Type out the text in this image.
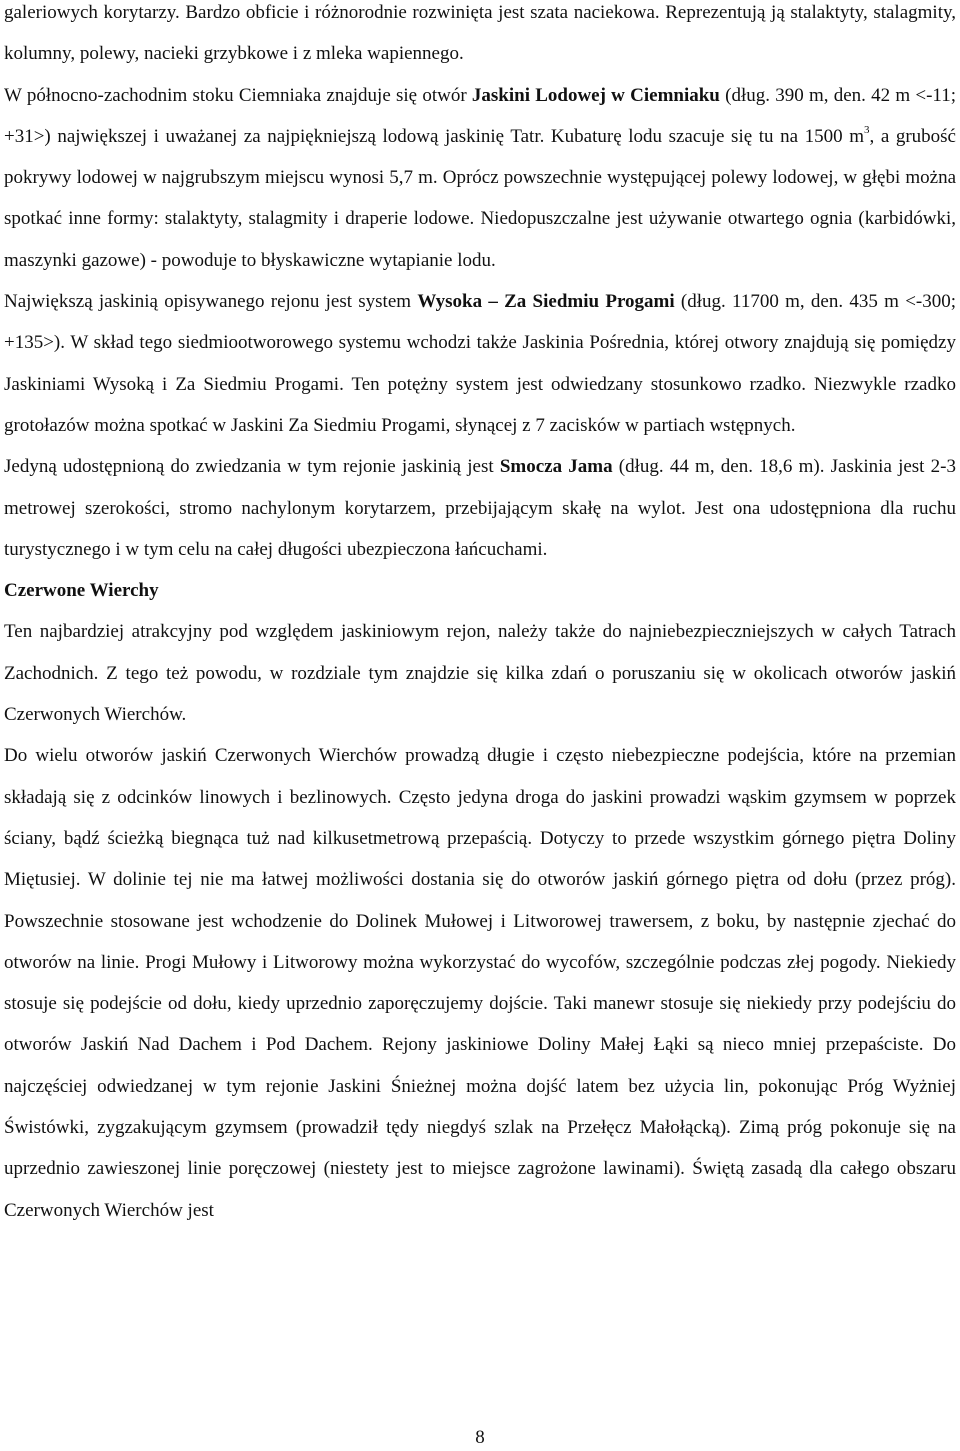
galeriowych korytarzy. Bardzo obficie i różnorodnie rozwinięta jest szata naciekowa. Reprezentują ją stalaktyty, stalagmity, kolumny, polewy, nacieki grzybkowe i z mleka wapiennego.
W północno-zachodnim stoku Ciemniaka znajduje się otwór Jaskini Lodowej w Ciemniaku (dług. 390 m, den. 42 m <-11; +31>) największej i uważanej za najpiękniejszą lodową jaskinię Tatr. Kubaturę lodu szacuje się tu na 1500 $m^3$, a grubość pokrywy lodowej w najgrubszym miejscu wynosi 5,7 m. Oprócz powszechnie występującej polewy lodowej, w głębi można spotkać inne formy: stalaktyty, stalagmity i draperie lodowe. Niedopuszczalne jest używanie otwartego ognia (karbidówki, maszynki gazowe) - powoduje to błyskawiczne wytapianie lodu.

Największą jaskinią opisywanego rejonu jest system Wysoka – Za Siedmiu Progami (dług. 11700 m, den. 435 m <-300; +135>). W skład tego siedmiootworowego systemu wchodzi także Jaskinia Pośrednia, której otwory znajdują się pomiędzy Jaskiniami Wysoką i Za Siedmiu Progami. Ten potężny system jest odwiedzany stosunkowo rzadko. Niezwykle rzadko grotołazów można spotkać w Jaskini Za Siedmiu Progami, słynącej z 7 zacisków w partiach wstępnych.

Jedyną udostępnioną do zwiedzania w tym rejonie jaskinią jest Smocza Jama (dług. 44 m, den. 18,6 m). Jaskinia jest 2-3 metrowej szerokości, stromo nachylonym korytarzem, przebijającym skałę na wylot. Jest ona udostępniona dla ruchu turystycznego i w tym celu na całej długości ubezpieczona łańcuchami.

Czerwone Wierchy

Ten najbardziej atrakcyjny pod względem jaskiniowym rejon, należy także do najniebezpieczniejszych w całych Tatrach Zachodnich. Z tego też powodu, w rozdziale tym znajdzie się kilka zdań o poruszaniu się w okolicach otworów jaskiń Czerwonych Wierchów.

Do wielu otworów jaskiń Czerwonych Wierchów prowadzą długie i często niebezpieczne podejścia, które na przemian składają się z odcinków linowych i bezlinowych. Często jedyna droga do jaskini prowadzi wąskim gzymsem w poprzek ściany, bądź ścieżką biegnąca tuż nad kilkusetmetrową przepaścią. Dotyczy to przede wszystkim górnego piętra Doliny Miętusiej. W dolinie tej nie ma łatwej możliwości dostania się do otworów jaskiń górnego piętra od dołu (przez próg). Powszechnie stosowane jest wchodzenie do Dolinek Mułowej i Litworowej trawersem, z boku, by następnie zjechać do otworów na linie. Progi Mułowy i Litworowy można wykorzystać do wycofów, szczególnie podczas złej pogody. Niekiedy stosuje się podejście od dołu, kiedy uprzednio zaporęczujemy dojście. Taki manewr stosuje się niekiedy przy podejściu do otworów Jaskiń Nad Dachem i Pod Dachem. Rejony jaskiniowe Doliny Małej Łąki są nieco mniej przepaściste. Do najczęściej odwiedzanej w tym rejonie Jaskini Śnieżnej można dojść latem bez użycia lin, pokonując Próg Wyżniej Świstówki, zygzakującym gzymsem (prowadził tędy niegdyś szlak na Przełęcz Małołącką). Zimą próg pokonuje się na uprzednio zawieszonej linie poręczowej (niestety jest to miejsce zagrożone lawinami). Świętą zasadą dla całego obszaru Czerwonych Wierchów jest

8
